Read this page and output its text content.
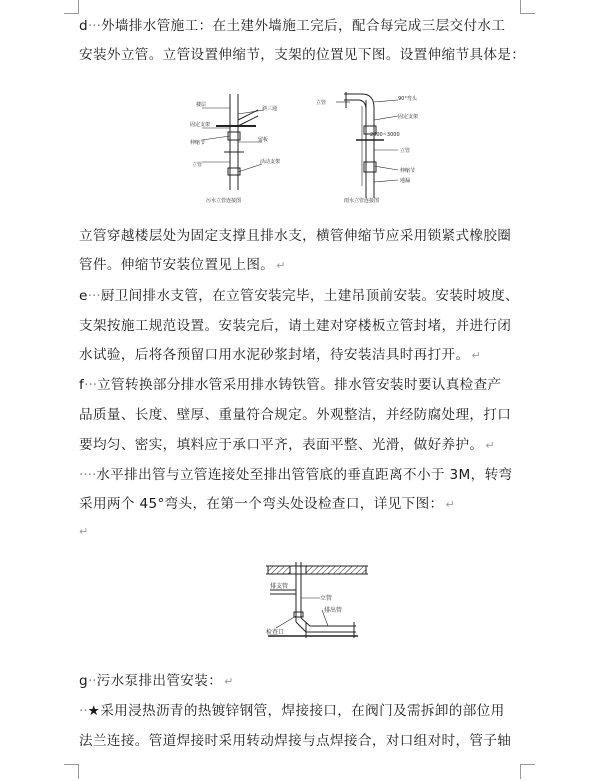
d···外墙排水管施工：在土建外墙施工完后，配合每完成三层交付水工
安装外立管。立管设置伸缩节，支架的位置见下图。设置伸缩节具体是：
楼层
固定支架
伸缩节
立管
斜三通
留板
活动支架
污水立管连接图
立管
90°弯头
固定支架
立管
伸缩节
地漏
2000~3000
雨水立管连接图
立管穿越楼层处为固定支撑且排水支，横管伸缩节应采用锁紧式橡胶圈
管件。伸缩节安装位置见上图。 ↵
e···厨卫间排水支管，在立管安装完毕，土建吊顶前安装。安装时坡度、
支架按施工规范设置。安装完后，请土建对穿楼板立管封堵，并进行闭
水试验，后将各预留口用水泥砂浆封堵，待安装洁具时再打开。 ↵
f···立管转换部分排水管采用排水铸铁管。排水管安装时要认真检查产
品质量、长度、壁厚、重量符合规定。外观整洁，并经防腐处理，打口
要均匀、密实，填料应于承口平齐，表面平整、光滑，做好养护。 ↵
····水平排出管与立管连接处至排出管管底的垂直距离不小于 3M，转弯
采用两个 45°弯头，在第一个弯头处设检查口，详见下图： ↵
↵
排支管
立管
排出管
检查口
g··污水泵排出管安装： ↵
··★采用浸热沥青的热镀锌钢管，焊接接口，在阀门及需拆卸的部位用
法兰连接。管道焊接时采用转动焊接与点焊接合，对口组对时，管子轴
